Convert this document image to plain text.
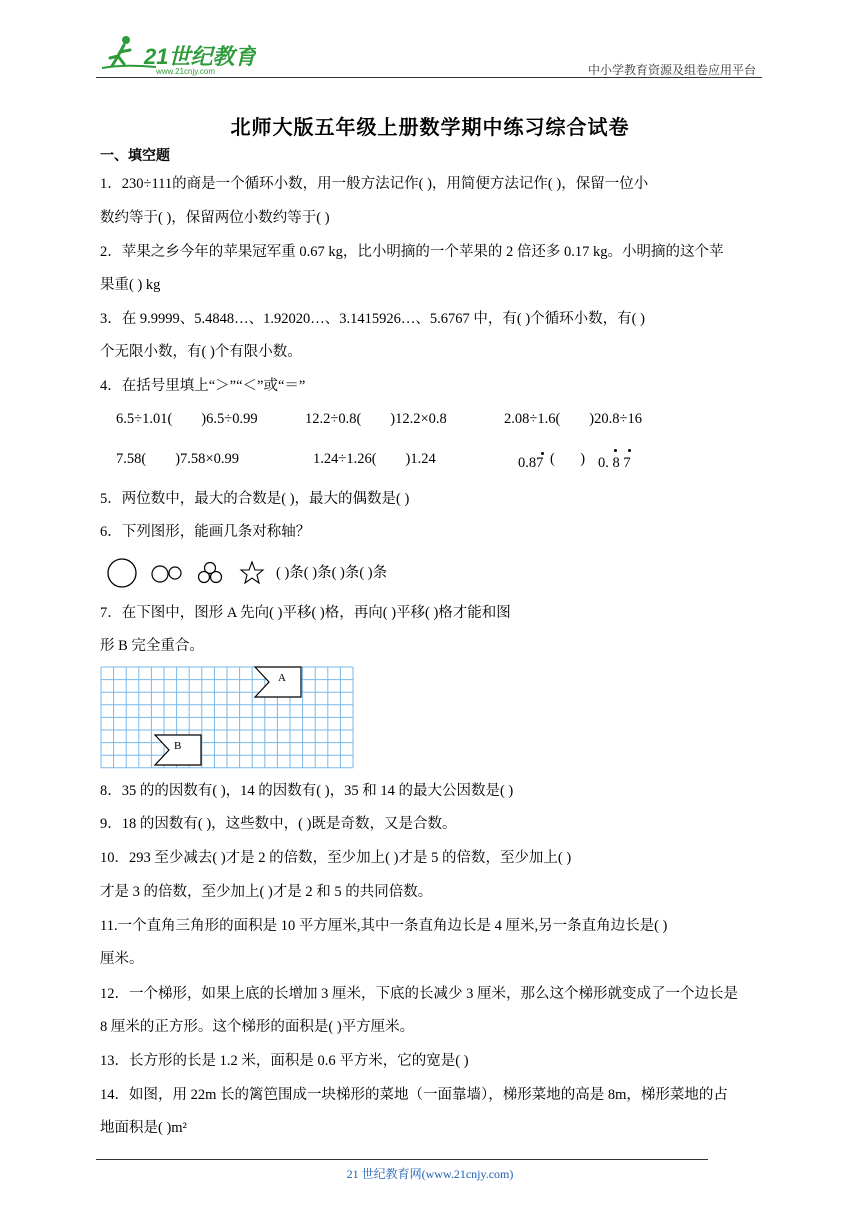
21世纪教育
www.21cnjy.com	中小学教育资源及组卷应用平台
北师大版五年级上册数学期中练习综合试卷
一、填空题
1．230÷111的商是一个循环小数，用一般方法记作( )，用简便方法记作( )，保留一位小
数约等于( )，保留两位小数约等于( )
2．苹果之乡今年的苹果冠军重 0.67 kg，比小明摘的一个苹果的 2 倍还多 0.17 kg。小明摘的这个苹
果重( ) kg
3．在 9.9999、5.4848…、1.92020…、3.1415926…、5.6767 中，有( )个循环小数，有( )
个无限小数，有( )个有限小数。
4．在括号里填上“＞”“＜”或“＝”
6.5÷1.01(        )6.5÷0.99	12.2÷0.8(        )12.2×0.8	2.08÷1.6(        )20.8÷16
7.58(        )7.58×0.99	1.24÷1.26(        )1.24	0.87 (       ) 0. 8 7
5．两位数中，最大的合数是( )，最大的偶数是( )
6．下列图形，能画几条对称轴？
( )条( )条( )条( )条
7．在下图中，图形 A 先向( )平移( )格，再向( )平移( )格才能和图
形 B 完全重合。
A
B
8．35 的的因数有( )，14 的因数有( )，35 和 14 的最大公因数是( )
9．18 的因数有( )，这些数中，( )既是奇数，又是合数。
10．293 至少减去( )才是 2 的倍数，至少加上( )才是 5 的倍数，至少加上( )
才是 3 的倍数，至少加上( )才是 2 和 5 的共同倍数。
11.一个直角三角形的面积是 10 平方厘米,其中一条直角边长是 4 厘米,另一条直角边长是( )
厘米。
12．一个梯形，如果上底的长增加 3 厘米，下底的长减少 3 厘米，那么这个梯形就变成了一个边长是
8 厘米的正方形。这个梯形的面积是( )平方厘米。
13．长方形的长是 1.2 米，面积是 0.6 平方米，它的宽是( )
14．如图，用 22m 长的篱笆围成一块梯形的菜地（一面靠墙），梯形菜地的高是 8m，梯形菜地的占
地面积是( )m²
21 世纪教育网(www.21cnjy.com)
